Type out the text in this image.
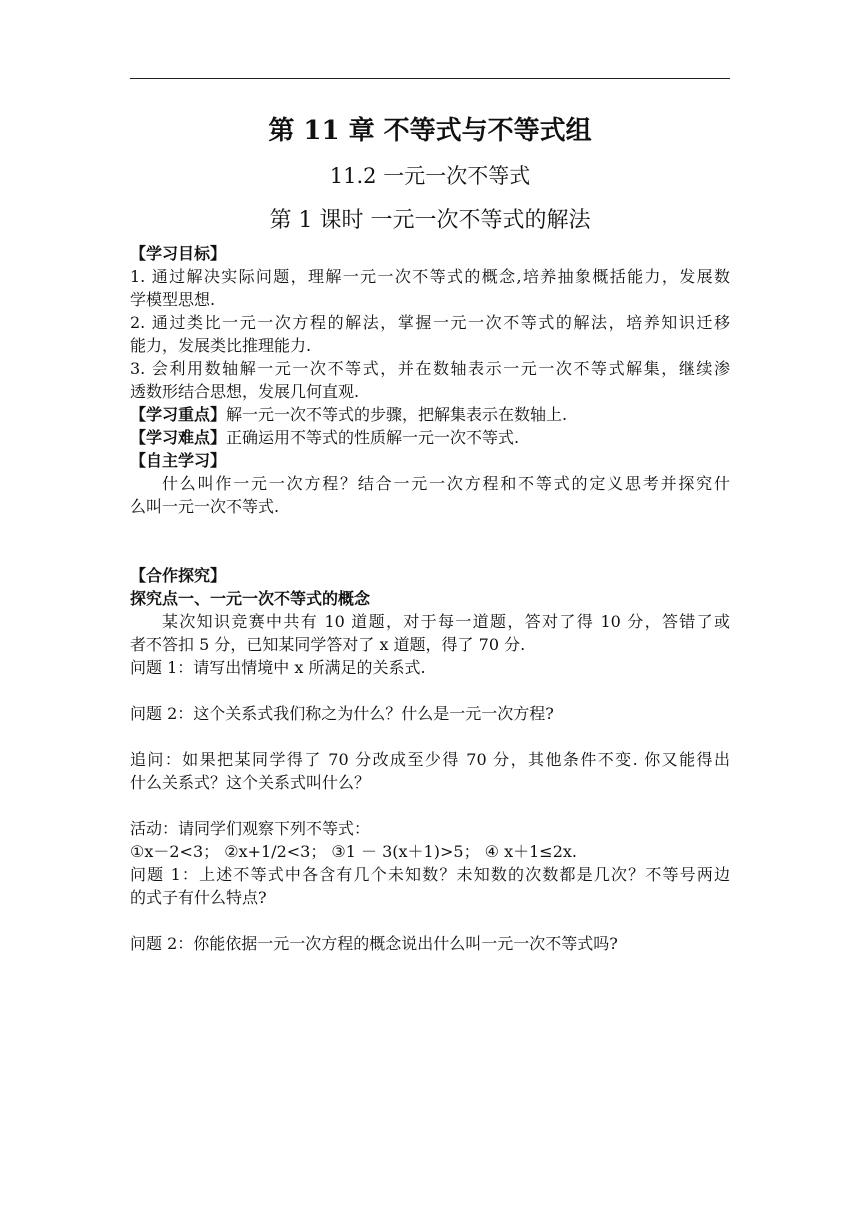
第 11 章 不等式与不等式组
11.2 一元一次不等式
第 1 课时 一元一次不等式的解法
【学习目标】
1. 通过解决实际问题，理解一元一次不等式的概念,培养抽象概括能力，发展数
学模型思想.
2. 通过类比一元一次方程的解法，掌握一元一次不等式的解法，培养知识迁移
能力，发展类比推理能力.
3. 会利用数轴解一元一次不等式，并在数轴表示一元一次不等式解集，继续渗
透数形结合思想，发展几何直观.
【学习重点】解一元一次不等式的步骤，把解集表示在数轴上.
【学习难点】正确运用不等式的性质解一元一次不等式.
【自主学习】
什么叫作一元一次方程？结合一元一次方程和不等式的定义思考并探究什
么叫一元一次不等式.
【合作探究】
探究点一、一元一次不等式的概念
某次知识竞赛中共有 10 道题，对于每一道题，答对了得 10 分，答错了或
者不答扣 5 分，已知某同学答对了 x 道题，得了 70 分.
问题 1：请写出情境中 x 所满足的关系式.
问题 2：这个关系式我们称之为什么？什么是一元一次方程?
追问：如果把某同学得了 70 分改成至少得 70 分，其他条件不变. 你又能得出
什么关系式？这个关系式叫什么？
活动：请同学们观察下列不等式：
①x－2<3； ②x+1/2<3； ③1 － 3(x＋1)>5； ④ x＋1≤2x.
问题 1：上述不等式中各含有几个未知数？未知数的次数都是几次？不等号两边
的式子有什么特点?
问题 2：你能依据一元一次方程的概念说出什么叫一元一次不等式吗?
